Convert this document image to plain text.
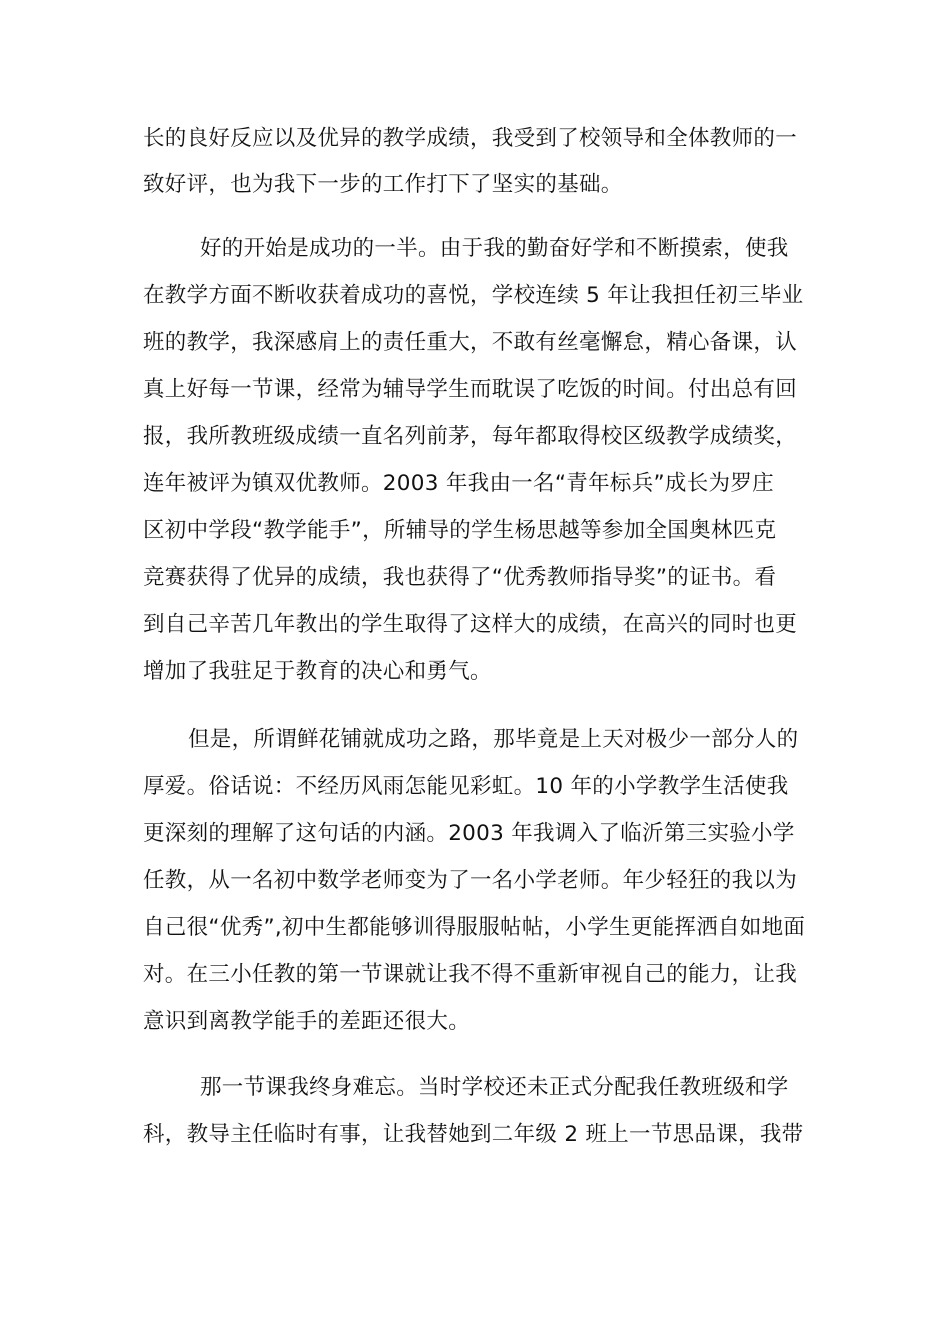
长的良好反应以及优异的教学成绩，我受到了校领导和全体教师的一
致好评，也为我下一步的工作打下了坚实的基础。
好的开始是成功的一半。由于我的勤奋好学和不断摸索，使我
在教学方面不断收获着成功的喜悦，学校连续 5 年让我担任初三毕业
班的教学，我深感肩上的责任重大，不敢有丝毫懈怠，精心备课，认
真上好每一节课，经常为辅导学生而耽误了吃饭的时间。付出总有回
报，我所教班级成绩一直名列前茅，每年都取得校区级教学成绩奖，
连年被评为镇双优教师。2003 年我由一名“青年标兵”成长为罗庄
区初中学段“教学能手”，所辅导的学生杨思越等参加全国奥林匹克
竞赛获得了优异的成绩，我也获得了“优秀教师指导奖”的证书。看
到自己辛苦几年教出的学生取得了这样大的成绩，在高兴的同时也更
增加了我驻足于教育的决心和勇气。
但是，所谓鲜花铺就成功之路，那毕竟是上天对极少一部分人的
厚爱。俗话说：不经历风雨怎能见彩虹。10 年的小学教学生活使我
更深刻的理解了这句话的内涵。2003 年我调入了临沂第三实验小学
任教，从一名初中数学老师变为了一名小学老师。年少轻狂的我以为
自己很“优秀”,初中生都能够训得服服帖帖，小学生更能挥洒自如地面
对。在三小任教的第一节课就让我不得不重新审视自己的能力，让我
意识到离教学能手的差距还很大。
那一节课我终身难忘。当时学校还未正式分配我任教班级和学
科，教导主任临时有事，让我替她到二年级 2 班上一节思品课，我带
